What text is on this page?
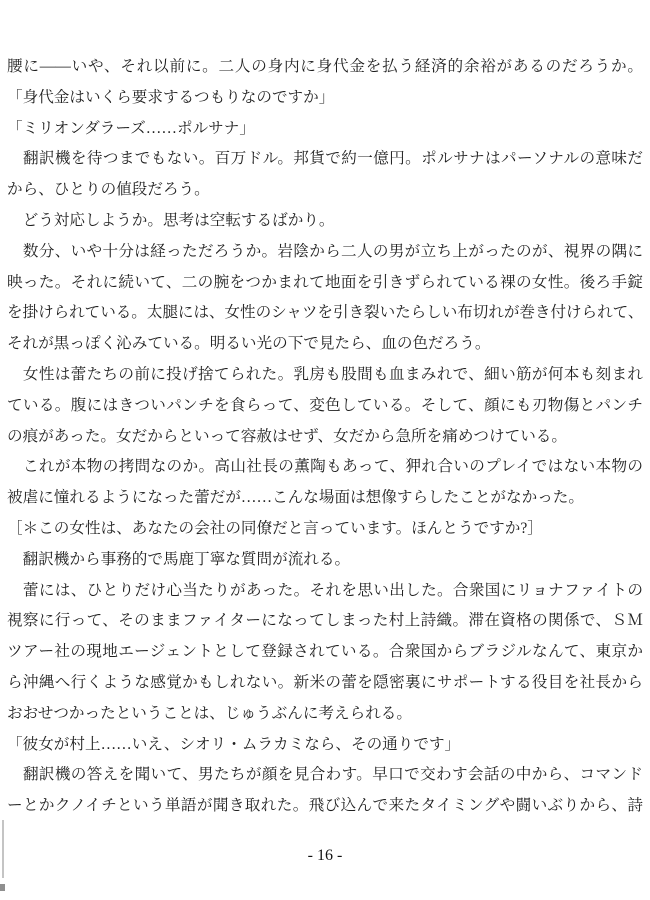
腰に——いや、それ以前に。二人の身内に身代金を払う経済的余裕があるのだろうか。
「身代金はいくら要求するつもりなのですか」
「ミリオンダラーズ……ポルサナ」
　翻訳機を待つまでもない。百万ドル。邦貨で約一億円。ポルサナはパーソナルの意味だ
から、ひとりの値段だろう。
　どう対応しようか。思考は空転するばかり。
　数分、いや十分は経っただろうか。岩陰から二人の男が立ち上がったのが、視界の隅に
映った。それに続いて、二の腕をつかまれて地面を引きずられている裸の女性。後ろ手錠
を掛けられている。太腿には、女性のシャツを引き裂いたらしい布切れが巻き付けられて、
それが黒っぽく沁みている。明るい光の下で見たら、血の色だろう。
　女性は蕾たちの前に投げ捨てられた。乳房も股間も血まみれで、細い筋が何本も刻まれ
ている。腹にはきついパンチを食らって、変色している。そして、顔にも刃物傷とパンチ
の痕があった。女だからといって容赦はせず、女だから急所を痛めつけている。
　これが本物の拷問なのか。高山社長の薫陶もあって、狎れ合いのプレイではない本物の
被虐に憧れるようになった蕾だが……こんな場面は想像すらしたことがなかった。
［＊この女性は、あなたの会社の同僚だと言っています。ほんとうですか?］
　翻訳機から事務的で馬鹿丁寧な質問が流れる。
　蕾には、ひとりだけ心当たりがあった。それを思い出した。合衆国にリョナファイトの
視察に行って、そのままファイターになってしまった村上詩織。滞在資格の関係で、ＳＭ
ツアー社の現地エージェントとして登録されている。合衆国からブラジルなんて、東京か
ら沖縄へ行くような感覚かもしれない。新米の蕾を隠密裏にサポートする役目を社長から
おおせつかったということは、じゅうぶんに考えられる。
「彼女が村上……いえ、シオリ・ムラカミなら、その通りです」
　翻訳機の答えを聞いて、男たちが顔を見合わす。早口で交わす会話の中から、コマンド
ーとかクノイチという単語が聞き取れた。飛び込んで来たタイミングや闘いぶりから、詩
- 16 -
